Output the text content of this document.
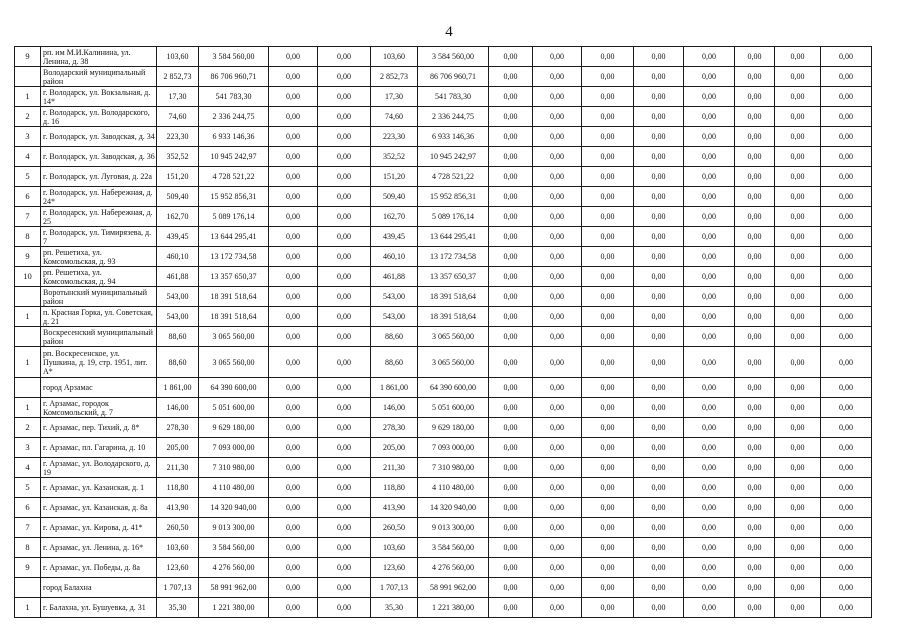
4
9	рп. им М.И.Калинина, ул. Ленина, д. 38	103,60	3 584 560,00	0,00	0,00	103,60	3 584 560,00	0,00	0,00	0,00	0,00	0,00	0,00	0,00	0,00
	Володарский муниципальный район	2 852,73	86 706 960,71	0,00	0,00	2 852,73	86 706 960,71	0,00	0,00	0,00	0,00	0,00	0,00	0,00	0,00
1	г. Володарск, ул. Вокзальная, д. 14*	17,30	541 783,30	0,00	0,00	17,30	541 783,30	0,00	0,00	0,00	0,00	0,00	0,00	0,00	0,00
2	г. Володарск, ул. Володарского, д. 16	74,60	2 336 244,75	0,00	0,00	74,60	2 336 244,75	0,00	0,00	0,00	0,00	0,00	0,00	0,00	0,00
3	г. Володарск, ул. Заводская, д. 34	223,30	6 933 146,36	0,00	0,00	223,30	6 933 146,36	0,00	0,00	0,00	0,00	0,00	0,00	0,00	0,00
4	г. Володарск, ул. Заводская, д. 36	352,52	10 945 242,97	0,00	0,00	352,52	10 945 242,97	0,00	0,00	0,00	0,00	0,00	0,00	0,00	0,00
5	г. Володарск, ул. Луговая, д. 22а	151,20	4 728 521,22	0,00	0,00	151,20	4 728 521,22	0,00	0,00	0,00	0,00	0,00	0,00	0,00	0,00
6	г. Володарск, ул. Набережная, д. 24*	509,40	15 952 856,31	0,00	0,00	509,40	15 952 856,31	0,00	0,00	0,00	0,00	0,00	0,00	0,00	0,00
7	г. Володарск, ул. Набережная, д. 25	162,70	5 089 176,14	0,00	0,00	162,70	5 089 176,14	0,00	0,00	0,00	0,00	0,00	0,00	0,00	0,00
8	г. Володарск, ул. Тимирязева, д. 7	439,45	13 644 295,41	0,00	0,00	439,45	13 644 295,41	0,00	0,00	0,00	0,00	0,00	0,00	0,00	0,00
9	рп. Решетиха, ул. Комсомольская, д. 93	460,10	13 172 734,58	0,00	0,00	460,10	13 172 734,58	0,00	0,00	0,00	0,00	0,00	0,00	0,00	0,00
10	рп. Решетиха, ул. Комсомольская, д. 94	461,88	13 357 650,37	0,00	0,00	461,88	13 357 650,37	0,00	0,00	0,00	0,00	0,00	0,00	0,00	0,00
	Воротынский муниципальный район	543,00	18 391 518,64	0,00	0,00	543,00	18 391 518,64	0,00	0,00	0,00	0,00	0,00	0,00	0,00	0,00
1	п. Красная Горка, ул. Советская, д. 21	543,00	18 391 518,64	0,00	0,00	543,00	18 391 518,64	0,00	0,00	0,00	0,00	0,00	0,00	0,00	0,00
	Воскресенский муниципальный район	88,60	3 065 560,00	0,00	0,00	88,60	3 065 560,00	0,00	0,00	0,00	0,00	0,00	0,00	0,00	0,00
1	рп. Воскресенское, ул. Пушкина, д. 19, стр. 1951, лит. А*	88,60	3 065 560,00	0,00	0,00	88,60	3 065 560,00	0,00	0,00	0,00	0,00	0,00	0,00	0,00	0,00
	город Арзамас	1 861,00	64 390 600,00	0,00	0,00	1 861,00	64 390 600,00	0,00	0,00	0,00	0,00	0,00	0,00	0,00	0,00
1	г. Арзамас, городок Комсомольский, д. 7	146,00	5 051 600,00	0,00	0,00	146,00	5 051 600,00	0,00	0,00	0,00	0,00	0,00	0,00	0,00	0,00
2	г. Арзамас, пер. Тихий, д. 8*	278,30	9 629 180,00	0,00	0,00	278,30	9 629 180,00	0,00	0,00	0,00	0,00	0,00	0,00	0,00	0,00
3	г. Арзамас, пл. Гагарина, д. 10	205,00	7 093 000,00	0,00	0,00	205,00	7 093 000,00	0,00	0,00	0,00	0,00	0,00	0,00	0,00	0,00
4	г. Арзамас, ул. Володарского, д. 19	211,30	7 310 980,00	0,00	0,00	211,30	7 310 980,00	0,00	0,00	0,00	0,00	0,00	0,00	0,00	0,00
5	г. Арзамас, ул. Казанская, д. 1	118,80	4 110 480,00	0,00	0,00	118,80	4 110 480,00	0,00	0,00	0,00	0,00	0,00	0,00	0,00	0,00
6	г. Арзамас, ул. Казанская, д. 8а	413,90	14 320 940,00	0,00	0,00	413,90	14 320 940,00	0,00	0,00	0,00	0,00	0,00	0,00	0,00	0,00
7	г. Арзамас, ул. Кирова, д. 41*	260,50	9 013 300,00	0,00	0,00	260,50	9 013 300,00	0,00	0,00	0,00	0,00	0,00	0,00	0,00	0,00
8	г. Арзамас, ул. Ленина, д. 16*	103,60	3 584 560,00	0,00	0,00	103,60	3 584 560,00	0,00	0,00	0,00	0,00	0,00	0,00	0,00	0,00
9	г. Арзамас, ул. Победы, д. 8а	123,60	4 276 560,00	0,00	0,00	123,60	4 276 560,00	0,00	0,00	0,00	0,00	0,00	0,00	0,00	0,00
	город Балахна	1 707,13	58 991 962,00	0,00	0,00	1 707,13	58 991 962,00	0,00	0,00	0,00	0,00	0,00	0,00	0,00	0,00
1	г. Балахна, ул. Бушуевка, д. 31	35,30	1 221 380,00	0,00	0,00	35,30	1 221 380,00	0,00	0,00	0,00	0,00	0,00	0,00	0,00	0,00
